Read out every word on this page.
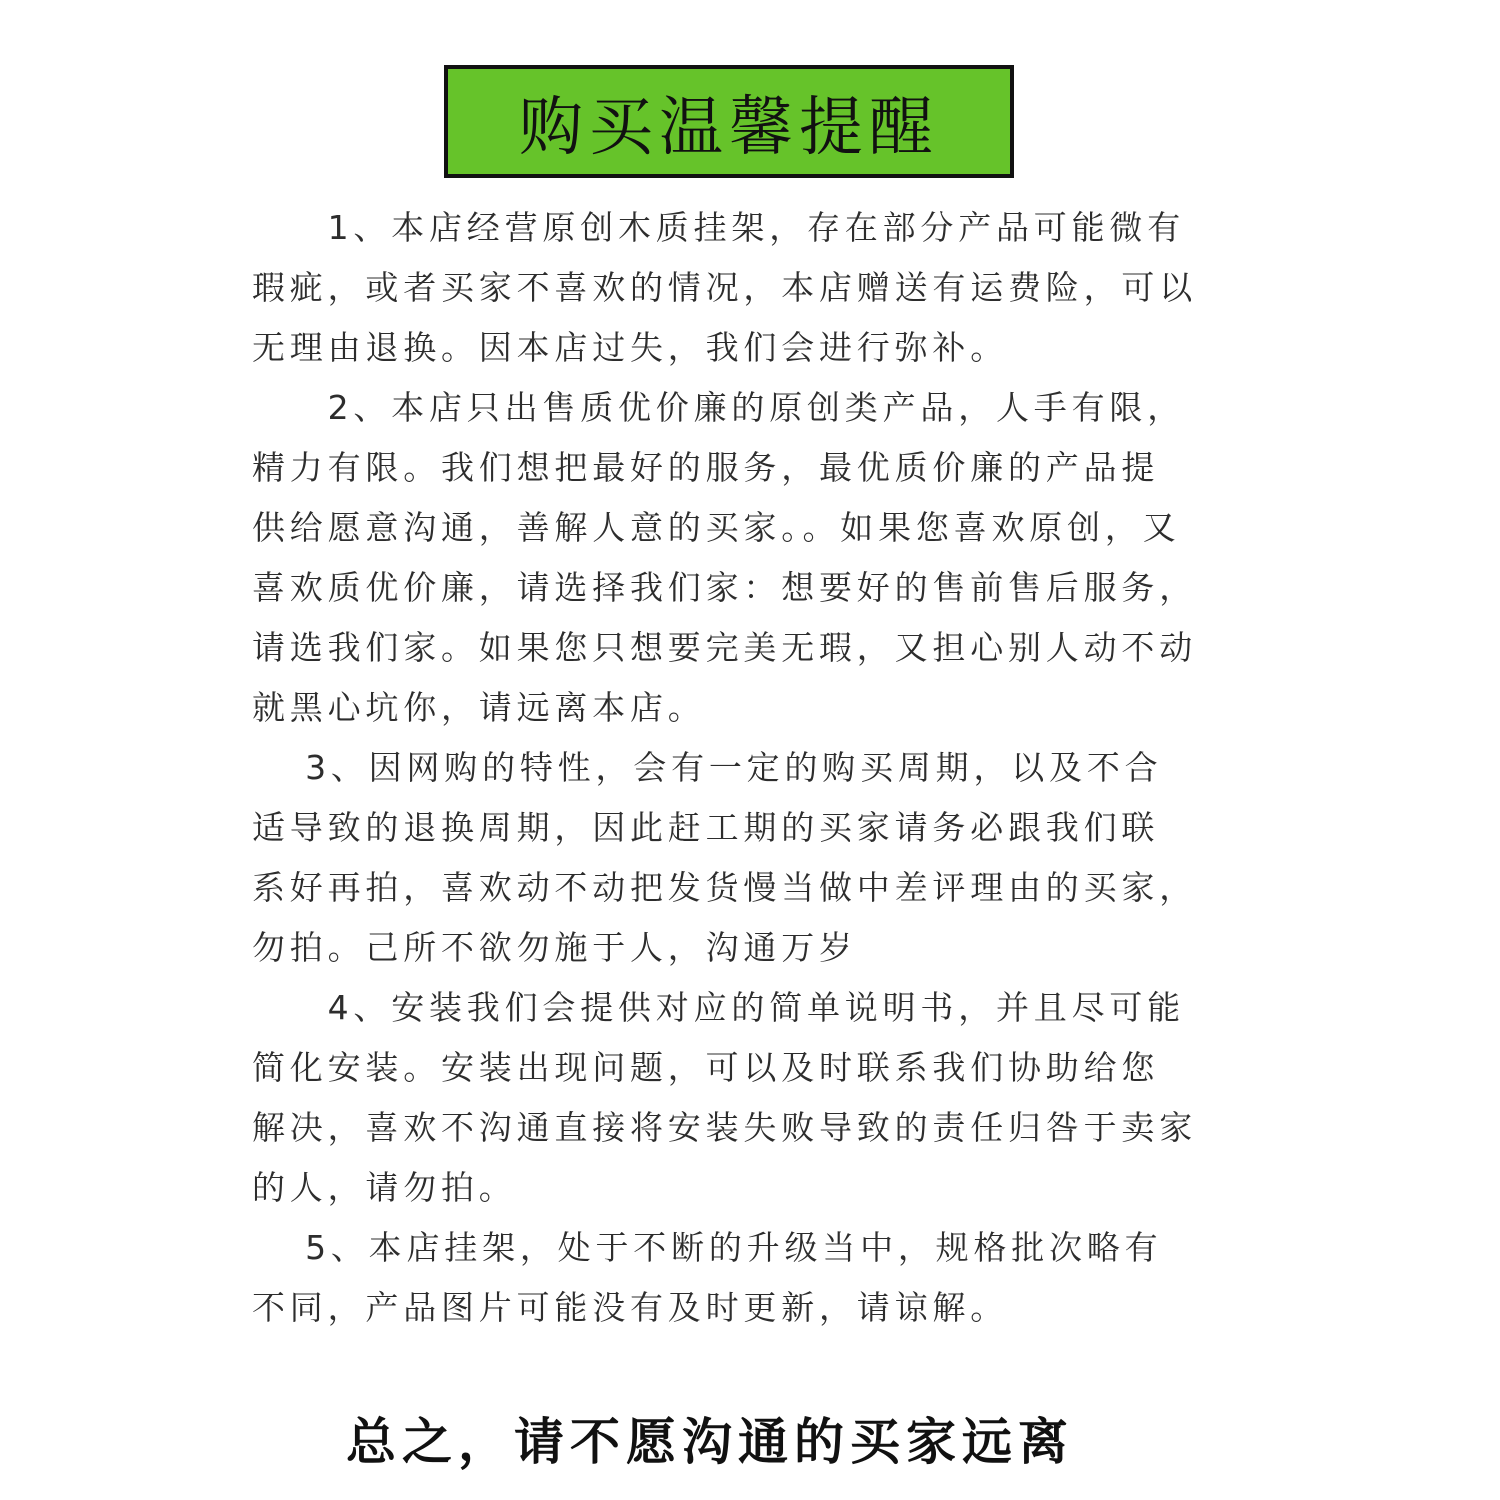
购买温馨提醒
　　1、本店经营原创木质挂架，存在部分产品可能微有
瑕疵，或者买家不喜欢的情况，本店赠送有运费险，可以
无理由退换。因本店过失，我们会进行弥补。
　　2、本店只出售质优价廉的原创类产品，人手有限，
精力有限。我们想把最好的服务，最优质价廉的产品提
供给愿意沟通，善解人意的买家。。如果您喜欢原创，又
喜欢质优价廉，请选择我们家：想要好的售前售后服务，
请选我们家。如果您只想要完美无瑕，又担心别人动不动
就黑心坑你，请远离本店。
　 3、因网购的特性，会有一定的购买周期，以及不合
适导致的退换周期，因此赶工期的买家请务必跟我们联
系好再拍，喜欢动不动把发货慢当做中差评理由的买家，
勿拍。己所不欲勿施于人，沟通万岁
　　4、安装我们会提供对应的简单说明书，并且尽可能
简化安装。安装出现问题，可以及时联系我们协助给您
解决，喜欢不沟通直接将安装失败导致的责任归咎于卖家
的人，请勿拍。
　 5、本店挂架，处于不断的升级当中，规格批次略有
不同，产品图片可能没有及时更新，请谅解。
总之，请不愿沟通的买家远离
